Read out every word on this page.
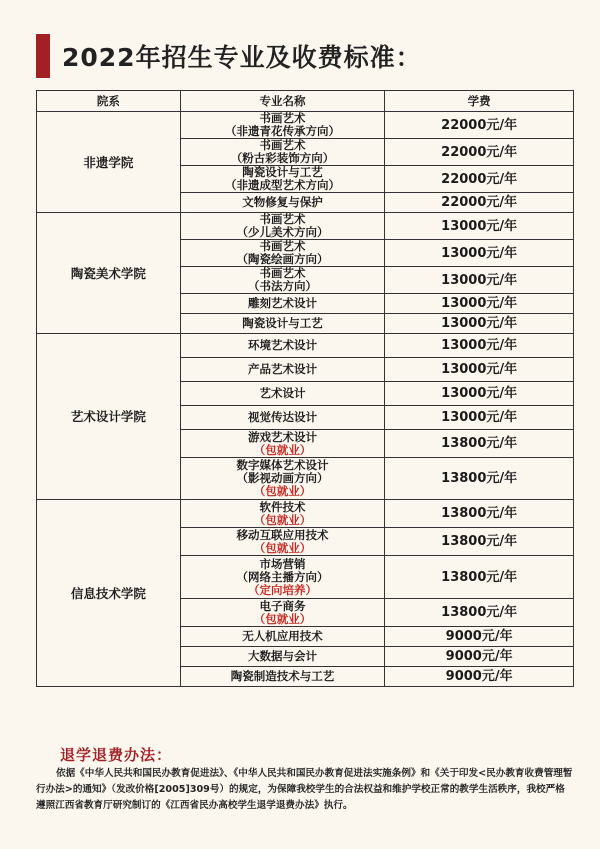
2022年招生专业及收费标准：
院系	专业名称	学费
非遗学院	书画艺术
（非遗青花传承方向）	22000元/年

	书画艺术
（粉古彩装饰方向）	22000元/年

	陶瓷设计与工艺
（非遗成型艺术方向）	22000元/年

	文物修复与保护	22000元/年
陶瓷美术学院	书画艺术
（少儿美术方向）	13000元/年

	书画艺术
（陶瓷绘画方向）	13000元/年

	书画艺术
（书法方向）	13000元/年

	雕刻艺术设计	13000元/年

	陶瓷设计与工艺	13000元/年
艺术设计学院	环境艺术设计	13000元/年

	产品艺术设计	13000元/年

	艺术设计	13000元/年

	视觉传达设计	13000元/年

	游戏艺术设计
（包就业）	13800元/年

	数字媒体艺术设计
（影视动画方向）
（包就业）	13800元/年
信息技术学院	软件技术
（包就业）	13800元/年

	移动互联应用技术
（包就业）	13800元/年

	市场营销
（网络主播方向）
（定向培养）	13800元/年

	电子商务
（包就业）	13800元/年

	无人机应用技术	9000元/年

	大数据与会计	9000元/年

	陶瓷制造技术与工艺	9000元/年
退学退费办法：
依据《中华人民共和国民办教育促进法》、《中华人民共和国民办教育促进法实施条例》和《关于印发<民办教育收费管理暂行办法>的通知》（发改价格[2005]309号）的规定，为保障我校学生的合法权益和维护学校正常的教学生活秩序，我校严格遵照江西省教育厅研究制订的《江西省民办高校学生退学退费办法》执行。
